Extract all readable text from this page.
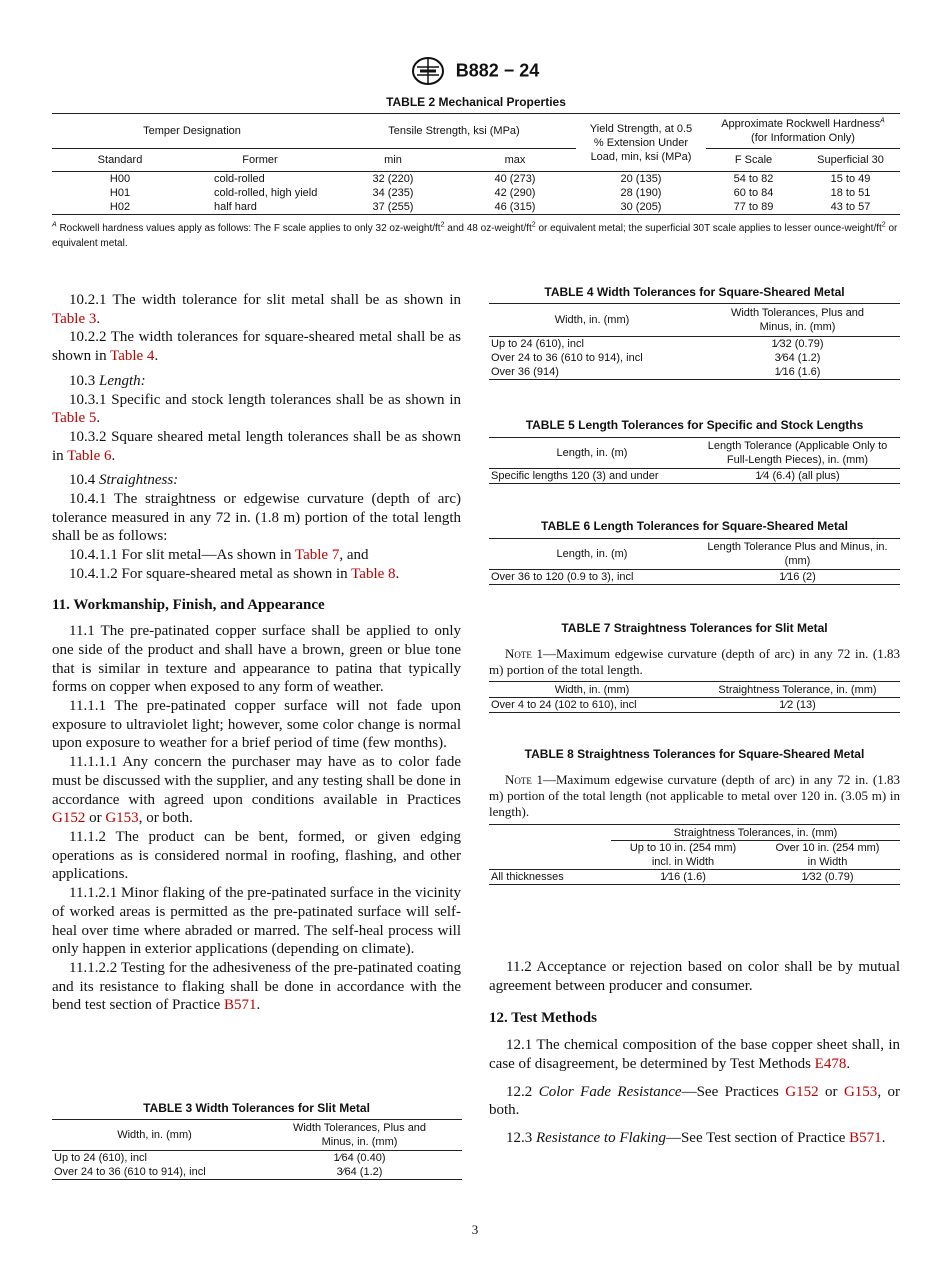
B882 − 24
TABLE 2 Mechanical Properties
Temper Designation		Tensile Strength, ksi (MPa)		Yield Strength, at 0.5 % Extension Under Load, min, ksi (MPa)	Approximate Rockwell Hardness$^A$
(for Information Only)	
Standard	Former	min	max		F Scale	Superficial 30
H00	cold-rolled	32 (220)	40 (273)	20 (135)	54 to 82	15 to 49
H01	cold-rolled, high yield	34 (235)	42 (290)	28 (190)	60 to 84	18 to 51
H02	half hard	37 (255)	46 (315)	30 (205)	77 to 89	43 to 57
$^A$ Rockwell hardness values apply as follows: The F scale applies to only 32 $oz-weight/ft^2$ and 48 $oz-weight/ft^2$ or equivalent metal; the superficial 30T scale applies to lesser ounce-$weight/ft^2$ or equivalent metal.

10.2.1 The width tolerance for slit metal shall be as shown in Table 3.

10.2.2 The width tolerances for square-sheared metal shall be as shown in Table 4.

10.3 Length:

10.3.1 Specific and stock length tolerances shall be as shown in Table 5.

10.3.2 Square sheared metal length tolerances shall be as shown in Table 6.

10.4 Straightness:

10.4.1 The straightness or edgewise curvature (depth of arc) tolerance measured in any 72 in. (1.8 m) portion of the total length shall be as follows:

10.4.1.1 For slit metal—As shown in Table 7, and

10.4.1.2 For square-sheared metal as shown in Table 8.

11. Workmanship, Finish, and Appearance

11.1 The pre-patinated copper surface shall be applied to only one side of the product and shall have a brown, green or blue tone that is similar in texture and appearance to patina that typically forms on copper when exposed to any form of weather.

11.1.1 The pre-patinated copper surface will not fade upon exposure to ultraviolet light; however, some color change is normal upon exposure to weather for a brief period of time (few months).

11.1.1.1 Any concern the purchaser may have as to color fade must be discussed with the supplier, and any testing shall be done in accordance with agreed upon conditions available in Practices G152 or G153, or both.

11.1.2 The product can be bent, formed, or given edging operations as is considered normal in roofing, flashing, and other applications.

11.1.2.1 Minor flaking of the pre-patinated surface in the vicinity of worked areas is permitted as the pre-patinated surface will self-heal over time where abraded or marred. The self-heal process will only happen in exterior applications (depending on climate).

11.1.2.2 Testing for the adhesiveness of the pre-patinated coating and its resistance to flaking shall be done in accordance with the bend test section of Practice B571.

TABLE 3 Width Tolerances for Slit Metal
Width, in. (mm)	Width Tolerances, Plus and Minus, in. (mm)
Up to 24 (610), incl	1⁄64 (0.40)
Over 24 to 36 (610 to 914), incl	3⁄64 (1.2)
TABLE 4 Width Tolerances for Square-Sheared Metal
Width, in. (mm)	Width Tolerances, Plus and Minus, in. (mm)
Up to 24 (610), incl	1⁄32 (0.79)
Over 24 to 36 (610 to 914), incl	3⁄64 (1.2)
Over 36 (914)	1⁄16 (1.6)
TABLE 5 Length Tolerances for Specific and Stock Lengths
Length, in. (m)	Length Tolerance (Applicable Only to Full-Length Pieces), in. (mm)
Specific lengths 120 (3) and under	1⁄4 (6.4) (all plus)
TABLE 6 Length Tolerances for Square-Sheared Metal
Length, in. (m)	Length Tolerance Plus and Minus, in. (mm)
Over 36 to 120 (0.9 to 3), incl	1⁄16 (2)
TABLE 7 Straightness Tolerances for Slit Metal
Note 1—Maximum edgewise curvature (depth of arc) in any 72 in. (1.83 m) portion of the total length.
Width, in. (mm)	Straightness Tolerance, in. (mm)
Over 4 to 24 (102 to 610), incl	1⁄2 (13)
TABLE 8 Straightness Tolerances for Square-Sheared Metal
Note 1—Maximum edgewise curvature (depth of arc) in any 72 in. (1.83 m) portion of the total length (not applicable to metal over 120 in. (3.05 m) in length).
	Straightness Tolerances, in. (mm)	
	Up to 10 in. (254 mm) incl. in Width	Over 10 in. (254 mm) in Width
All thicknesses	1⁄16 (1.6)	1⁄32 (0.79)

11.2 Acceptance or rejection based on color shall be by mutual agreement between producer and consumer.

12. Test Methods

12.1 The chemical composition of the base copper sheet shall, in case of disagreement, be determined by Test Methods E478.

12.2 Color Fade Resistance—See Practices G152 or G153, or both.

12.3 Resistance to Flaking—See Test section of Practice B571.

3
